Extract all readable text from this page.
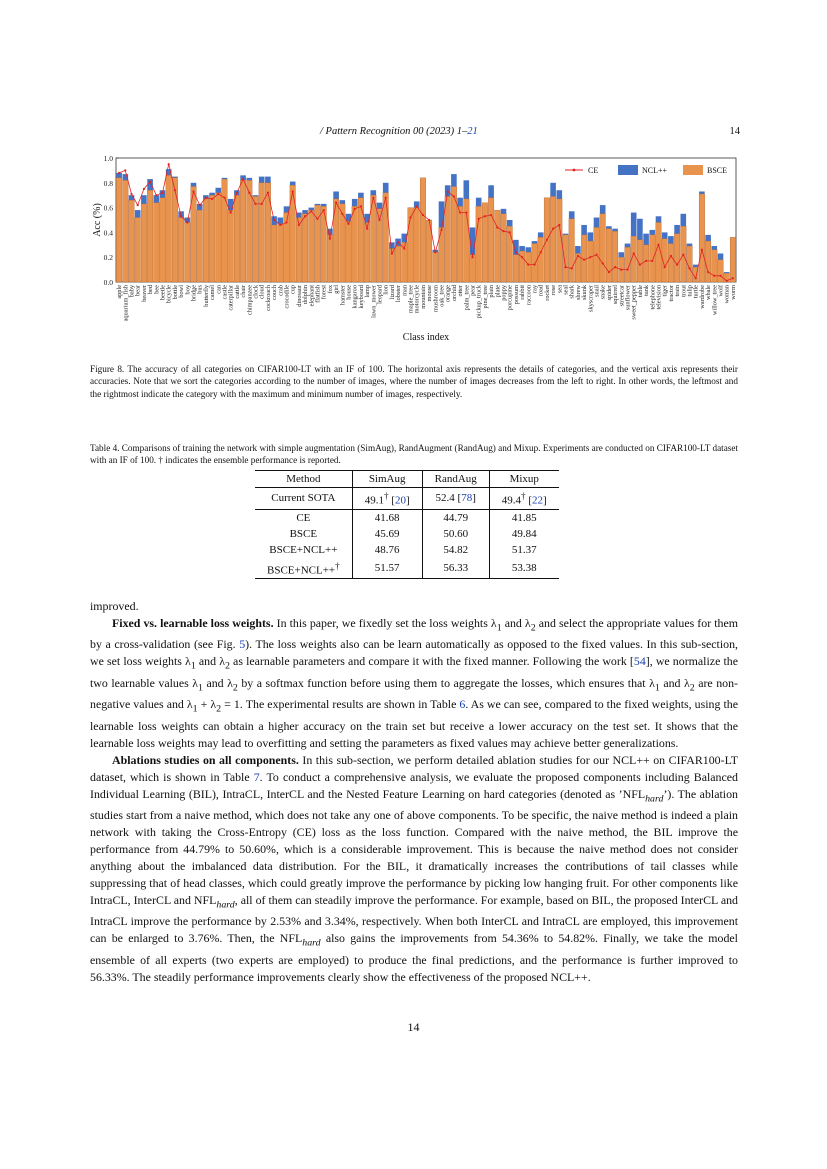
/ Pattern Recognition 00 (2023) 1–21	14
0.0
0.2
0.4
0.6
0.8
1.0
apple aquarium_fish baby bear beaver bed bee beetle bicycle bottle bowl boy bridge bus butterfly camel can castle caterpillar cattle chair chimpanzee clock cloud cockroach couch crab crocodile cup dinosaur dolphin elephant flatfish forest fox girl hamster house kangaroo keyboard lamp lawn_mower leopard lion lizard lobster man maple_tree motorcycle mountain mouse mushroom oak_tree orange orchid otter palm_tree pear pickup_truck pine_tree plain plate poppy porcupine possum rabbit raccoon ray road rocket rose sea seal shark shrew skunk skyscraper snail snake spider squirrel streetcar sunflower sweet_pepper table tank telephone television tiger tractor train trout tulip turtle wardrobe whale willow_tree wolf woman worm
Acc (%)
Class index
CE	NCL++	BSCE
Figure 8. The accuracy of all categories on CIFAR100-LT with an IF of 100. The horizontal axis represents the details of categories, and the vertical axis represents their accuracies. Note that we sort the categories according to the number of images, where the number of images decreases from the left to right. In other words, the leftmost and the rightmost indicate the category with the maximum and minimum number of images, respectively.
Table 4. Comparisons of training the network with simple augmentation (SimAug), RandAugment (RandAug) and Mixup. Experiments are conducted on CIFAR100-LT dataset with an IF of 100. † indicates the ensemble performance is reported.
Method	SimAug	RandAug	Mixup
Current SOTA	49.1† [20]	52.4 [78]	49.4† [22]
CE	41.68	44.79	41.85
BSCE	45.69	50.60	49.84
BSCE+NCL++	48.76	54.82	51.37
BSCE+NCL++†	51.57	56.33	53.38

improved.

Fixed vs. learnable loss weights. In this paper, we fixedly set the loss weights $\lambda_1$ and $\lambda_2$ and select the appropriate values for them by a cross-validation (see Fig. 5). The loss weights also can be learn automatically as opposed to the fixed values. In this sub-section, we set loss weights $\lambda_1$ and $\lambda_2$ as learnable parameters and compare it with the fixed manner. Following the work [54], we normalize the two learnable values $\lambda_1$ and $\lambda_2$ by a softmax function before using them to aggregate the losses, which ensures that $\lambda_1$ and $\lambda_2$ are non-negative values and $\lambda_1 + \lambda_2 = 1$. The experimental results are shown in Table 6. As we can see, compared to the fixed weights, using the learnable loss weights can obtain a higher accuracy on the train set but receive a lower accuracy on the test set. It shows that the learnable loss weights may lead to overfitting and setting the parameters as fixed values may achieve better generalizations.

Ablations studies on all components. In this sub-section, we perform detailed ablation studies for our NCL++ on CIFAR100-LT dataset, which is shown in Table 7. To conduct a comprehensive analysis, we evaluate the proposed components including Balanced Individual Learning (BIL), IntraCL, InterCL and the Nested Feature Learning on hard categories (denoted as $’NFL_{hard}$’). The ablation studies start from a naive method, which does not take any one of above components. To be specific, the naive method is indeed a plain network with taking the Cross-Entropy (CE) loss as the loss function. Compared with the naive method, the BIL improve the performance from 44.79% to 50.60%, which is a considerable improvement. This is because the naive method does not consider anything about the imbalanced data distribution. For the BIL, it dramatically increases the contributions of tail classes while suppressing that of head classes, which could greatly improve the performance by picking low hanging fruit. For other components like IntraCL, InterCL and $NFL_{hard}$, all of them can steadily improve the performance. For example, based on BIL, the proposed InterCL and IntraCL improve the performance by 2.53% and 3.34%, respectively. When both InterCL and IntraCL are employed, this improvement can be enlarged to 3.76%. Then, the $NFL_{hard}$ also gains the improvements from 54.36% to 54.82%. Finally, we take the model ensemble of all experts (two experts are employed) to produce the final predictions, and the performance is further improved to 56.33%. The steadily performance improvements clearly show the effectiveness of the proposed NCL++.

14
